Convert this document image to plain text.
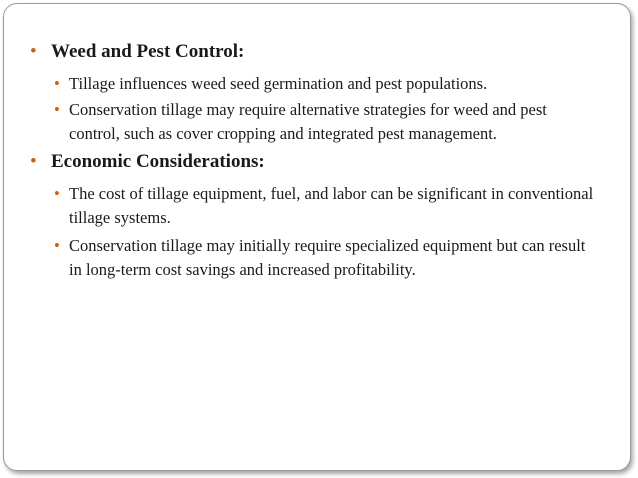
• Weed and Pest Control:
• Tillage influences weed seed germination and pest populations.
• Conservation tillage may require alternative strategies for weed and pest control, such as cover cropping and integrated pest management.
• Economic Considerations:
• The cost of tillage equipment, fuel, and labor can be significant in conventional tillage systems.
• Conservation tillage may initially require specialized equipment but can result in long-term cost savings and increased profitability.
